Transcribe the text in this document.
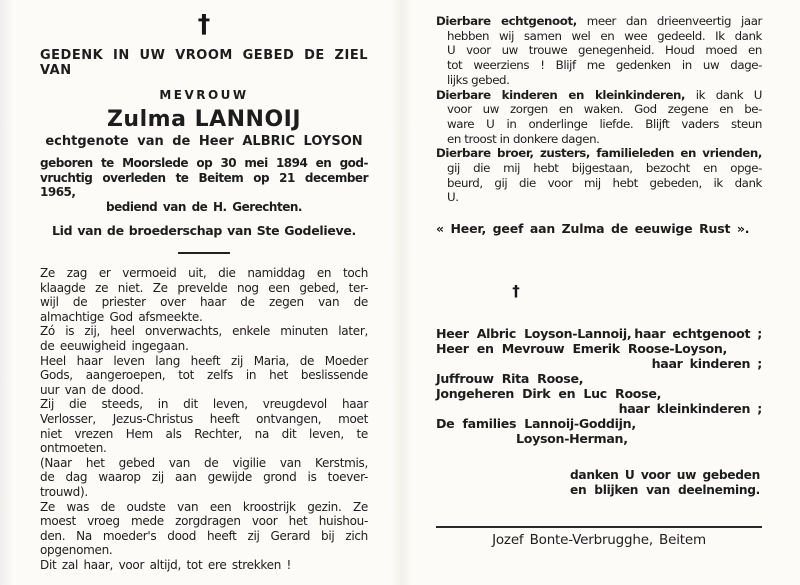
†
GEDENK IN UW VROOM GEBED DE ZIEL VAN
MEVROUW
Zulma LANNOIJ
echtgenote van de Heer ALBRIC LOYSON
geboren te Moorslede op 30 mei 1894 en god-
vruchtig overleden te Beitem op 21 december 1965,
bediend van de H. Gerechten.
Lid van de broederschap van Ste Godelieve.
Ze zag er vermoeid uit, die namiddag en toch
klaagde ze niet. Ze prevelde nog een gebed, ter-
wijl de priester over haar de zegen van de
almachtige God afsmeekte.
Zó is zij, heel onverwachts, enkele minuten later,
de eeuwigheid ingegaan.
Heel haar leven lang heeft zij Maria, de Moeder
Gods, aangeroepen, tot zelfs in het beslissende
uur van de dood.
Zij die steeds, in dit leven, vreugdevol haar
Verlosser, Jezus-Christus heeft ontvangen, moet
niet vrezen Hem als Rechter, na dit leven, te
ontmoeten.
(Naar het gebed van de vigilie van Kerstmis,
de dag waarop zij aan gewijde grond is toever-
trouwd).
Ze was de oudste van een kroostrijk gezin. Ze
moest vroeg mede zorgdragen voor het huishou-
den. Na moeder's dood heeft zij Gerard bij zich
opgenomen.
Dit zal haar, voor altijd, tot ere strekken !
Dierbare echtgenoot, meer dan drieenveertig jaar
hebben wij samen wel en wee gedeeld. Ik dank
U voor uw trouwe genegenheid. Houd moed en
tot weerziens ! Blijf me gedenken in uw dage-
lijks gebed.
Dierbare kinderen en kleinkinderen, ik dank U
voor uw zorgen en waken. God zegene en be-
ware U in onderlinge liefde. Blijft vaders steun
en troost in donkere dagen.
Dierbare broer, zusters, familieleden en vrienden,
gij die mij hebt bijgestaan, bezocht en opge-
beurd, gij die voor mij hebt gebeden, ik dank
U.
« Heer, geef aan Zulma de eeuwige Rust ».
†
Heer Albric Loyson-Lannoij, haar echtgenoot ;
Heer en Mevrouw Emerik Roose-Loyson,
haar kinderen ;
Juffrouw Rita Roose,
Jongeheren Dirk en Luc Roose,
haar kleinkinderen ;
De families Lannoij-Goddijn,
Loyson-Herman,
danken U voor uw gebeden
en blijken van deelneming.
Jozef Bonte-Verbrugghe, Beitem
